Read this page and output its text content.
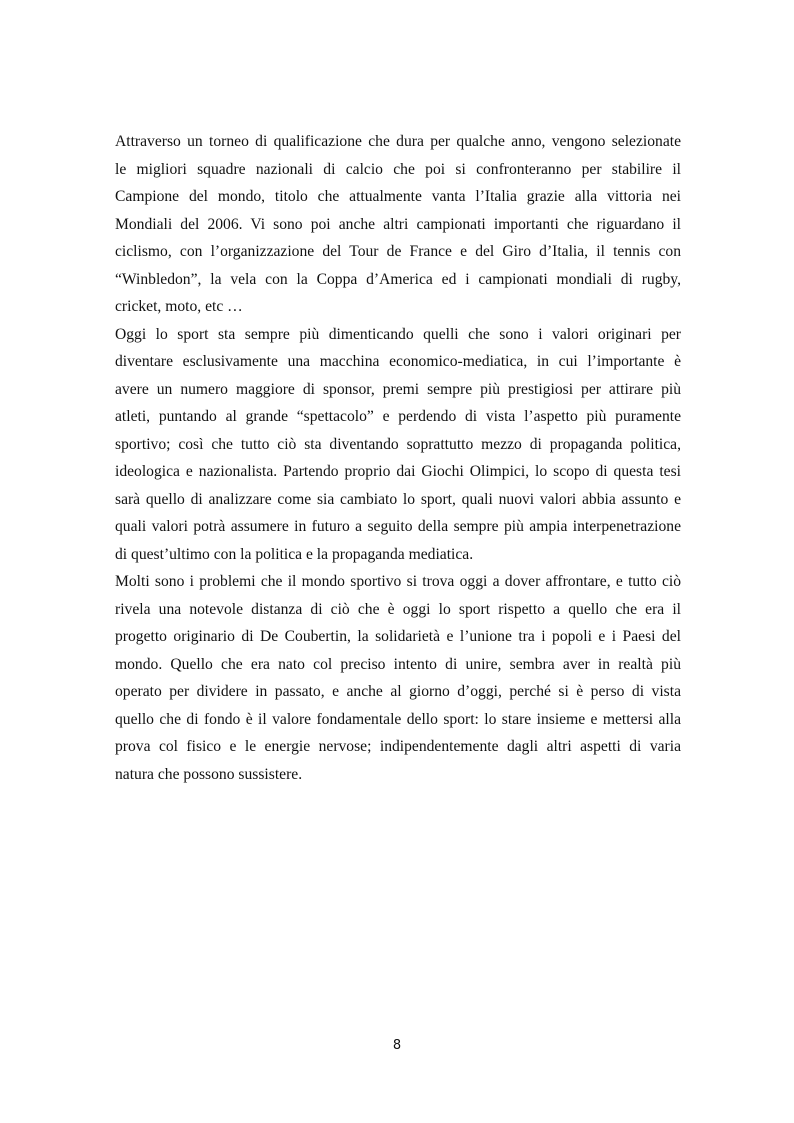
Attraverso un torneo di qualificazione che dura per qualche anno, vengono selezionate
le migliori squadre nazionali di calcio che poi si confronteranno per stabilire il
Campione del mondo, titolo che attualmente vanta l’Italia grazie alla vittoria nei
Mondiali del 2006. Vi sono poi anche altri campionati importanti che riguardano il
ciclismo, con l’organizzazione del Tour de France e del Giro d’Italia, il tennis con
“Winbledon”, la vela con la Coppa d’America ed i campionati mondiali di rugby,
cricket, moto, etc …
Oggi lo sport sta sempre più dimenticando quelli che sono i valori originari per
diventare esclusivamente una macchina economico-mediatica, in cui l’importante è
avere un numero maggiore di sponsor, premi sempre più prestigiosi per attirare più
atleti, puntando al grande “spettacolo” e perdendo di vista l’aspetto più puramente
sportivo; così che tutto ciò sta diventando soprattutto mezzo di propaganda politica,
ideologica e nazionalista. Partendo proprio dai Giochi Olimpici, lo scopo di questa tesi
sarà quello di analizzare come sia cambiato lo sport, quali nuovi valori abbia assunto e
quali valori potrà assumere in futuro a seguito della sempre più ampia interpenetrazione
di quest’ultimo con la politica e la propaganda mediatica.
Molti sono i problemi che il mondo sportivo si trova oggi a dover affrontare, e tutto ciò
rivela una notevole distanza di ciò che è oggi lo sport rispetto a quello che era il
progetto originario di De Coubertin, la solidarietà e l’unione tra i popoli e i Paesi del
mondo. Quello che era nato col preciso intento di unire, sembra aver in realtà più
operato per dividere in passato, e anche al giorno d’oggi, perché si è perso di vista
quello che di fondo è il valore fondamentale dello sport: lo stare insieme e mettersi alla
prova col fisico e le energie nervose; indipendentemente dagli altri aspetti di varia
natura che possono sussistere.
8
